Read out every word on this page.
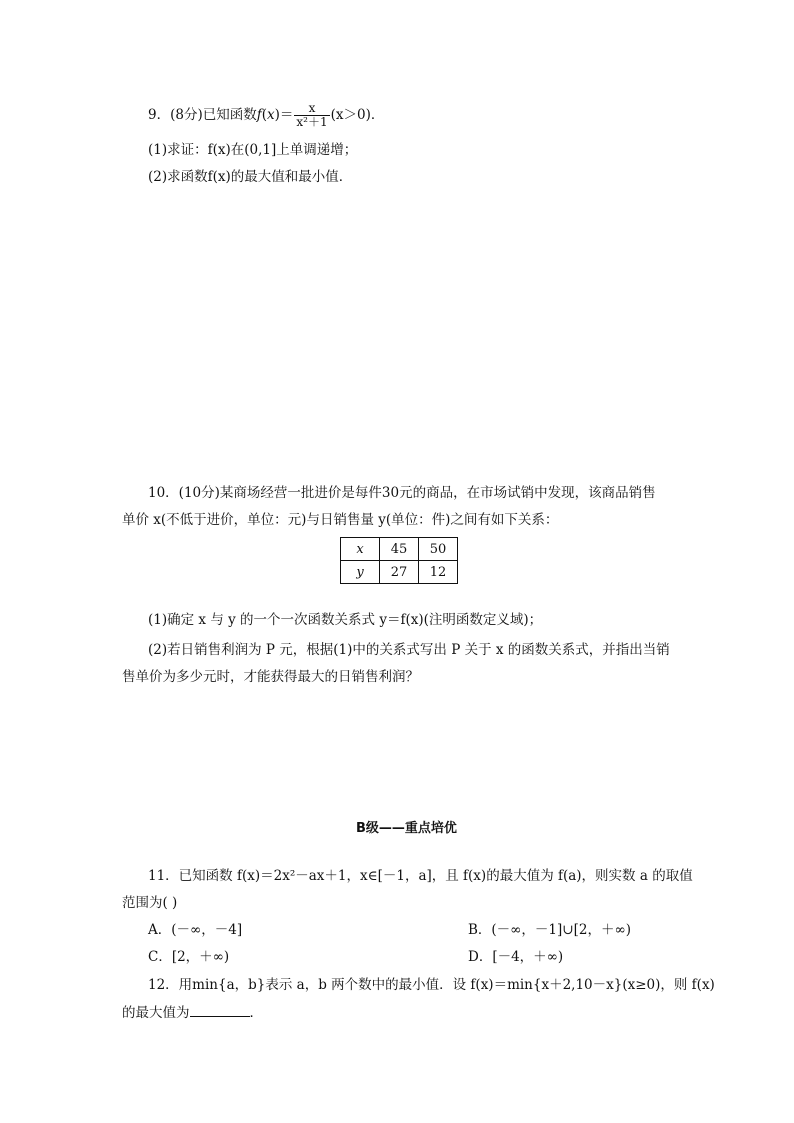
9．(8分)已知函数$f(x)= \frac{x}{\text{x²＋1}} (x>0)$．
(1)求证：f(x)在(0,1]上单调递增；
(2)求函数f(x)的最大值和最小值．
10．(10分)某商场经营一批进价是每件30元的商品，在市场试销中发现，该商品销售
单价 x(不低于进价，单位：元)与日销售量 y(单位：件)之间有如下关系：
x	45	50
y	27	12
(1)确定 x 与 y 的一个一次函数关系式 y＝f(x)(注明函数定义域)；
(2)若日销售利润为 P 元，根据(1)中的关系式写出 P 关于 x 的函数关系式，并指出当销
售单价为多少元时，才能获得最大的日销售利润？
B级——重点培优
11．已知函数 f(x)＝2x²－ax＋1，x∈[－1，a]，且 f(x)的最大值为 f(a)，则实数 a 的取值
范围为( )
A．(－∞，－4]	B．(－∞，－1]∪[2，＋∞)
C．[2，＋∞)	D．[－4，＋∞)
12．用min{a，b}表示 a，b 两个数中的最小值．设 f(x)＝min{x＋2,10－x}(x≥0)，则 f(x)
的最大值为	．
